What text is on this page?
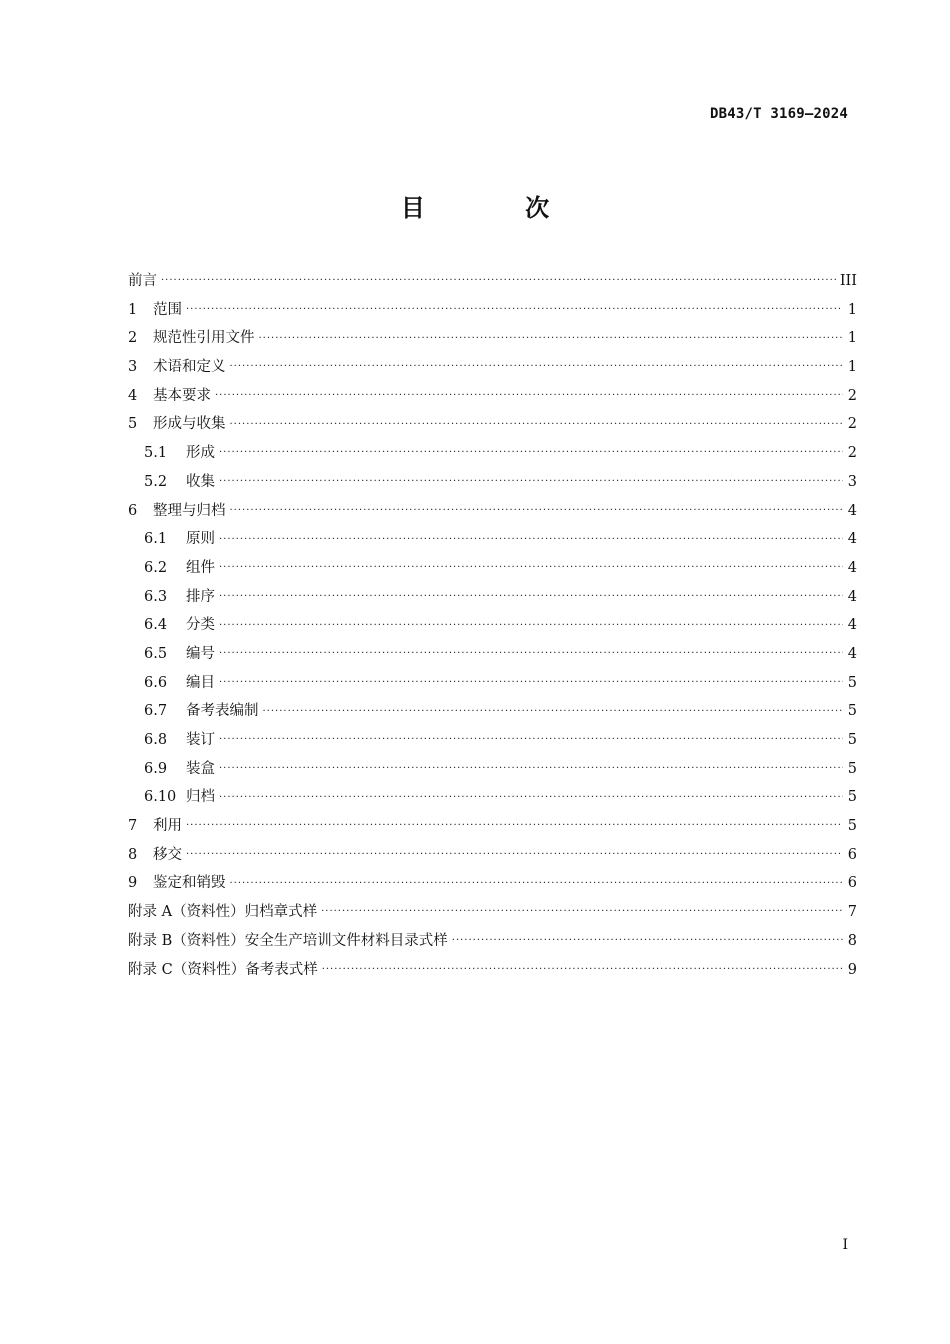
DB43/T 3169—2024
目 次
前言 ·····	III
1	范围 ·····	1
2	规范性引用文件 ·····	1
3	术语和定义 ·····	1
4	基本要求 ·····	2
5	形成与收集 ·····	2
5.1	形成 ·····	2
5.2	收集 ·····	3
6	整理与归档 ·····	4
6.1	原则 ·····	4
6.2	组件 ·····	4
6.3	排序 ·····	4
6.4	分类 ·····	4
6.5	编号 ·····	4
6.6	编目 ·····	5
6.7	备考表编制 ·····	5
6.8	装订 ·····	5
6.9	装盒 ·····	5
6.10 归档 ·····	5
7	利用 ·····	5
8	移交 ·····	6
9	鉴定和销毁 ·····	6
附录 A（资料性）归档章式样 ·····	7
附录 B（资料性）安全生产培训文件材料目录式样 ·····	8
附录 C（资料性）备考表式样 ·····	9
I
